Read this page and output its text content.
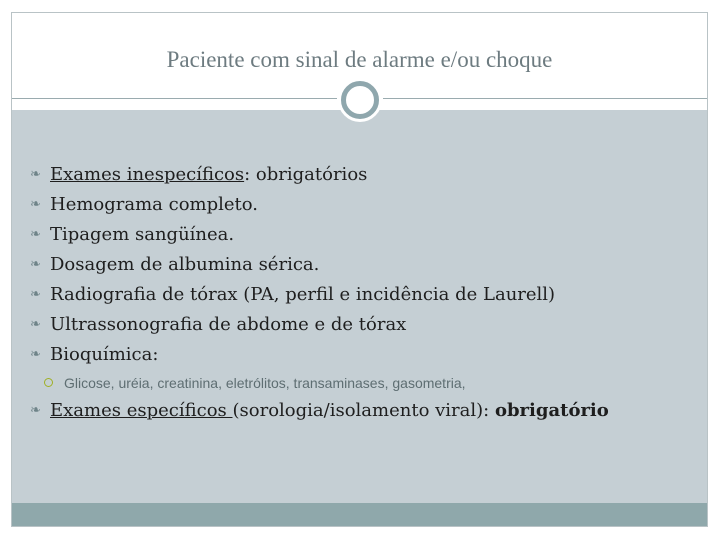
Paciente com sinal de alarme e/ou choque
❧ Exames inespecíficos: obrigatórios
❧ Hemograma completo.
❧ Tipagem sangüínea.
❧ Dosagem de albumina sérica.
❧ Radiografia de tórax (PA, perfil e incidência de Laurell)
❧ Ultrassonografia de abdome e de tórax
❧ Bioquímica:
Glicose, uréia, creatinina, eletrólitos, transaminases, gasometria,
❧ Exames específicos (sorologia/isolamento viral): obrigatório
